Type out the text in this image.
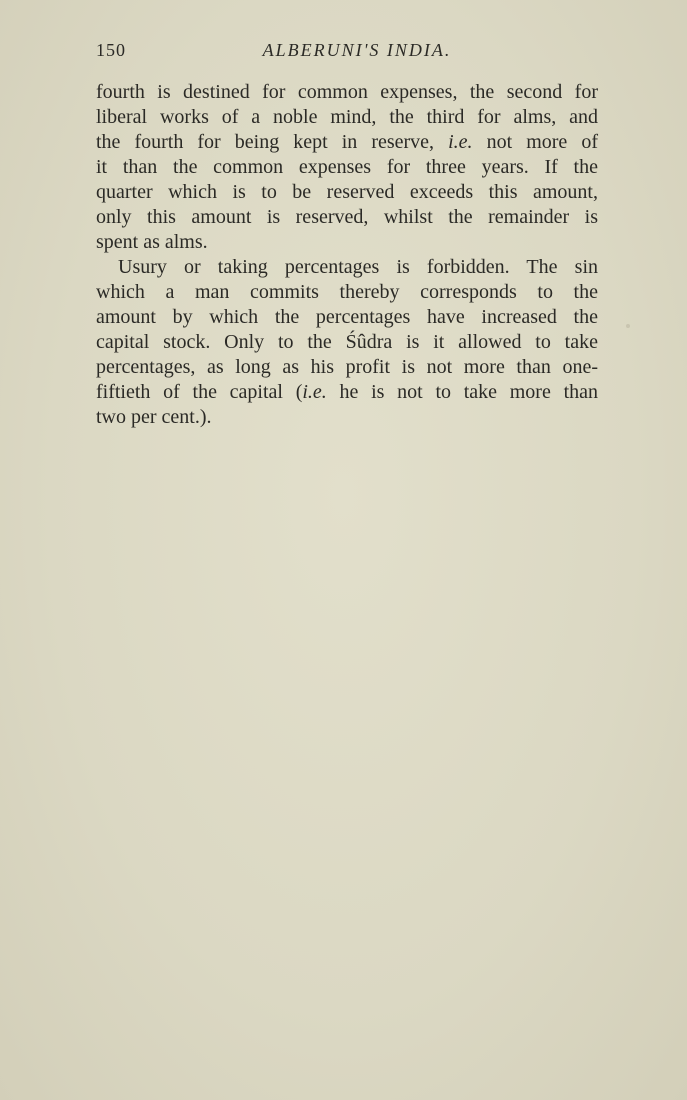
150	ALBERUNI'S INDIA.
fourth is destined for common expenses, the second for
liberal works of a noble mind, the third for alms, and
the fourth for being kept in reserve, i.e. not more of
it than the common expenses for three years. If the
quarter which is to be reserved exceeds this amount,
only this amount is reserved, whilst the remainder is
spent as alms.
Usury or taking percentages is forbidden. The sin
which a man commits thereby corresponds to the
amount by which the percentages have increased the
capital stock. Only to the Śûdra is it allowed to take
percentages, as long as his profit is not more than one-
fiftieth of the capital (i.e. he is not to take more than
two per cent.).
